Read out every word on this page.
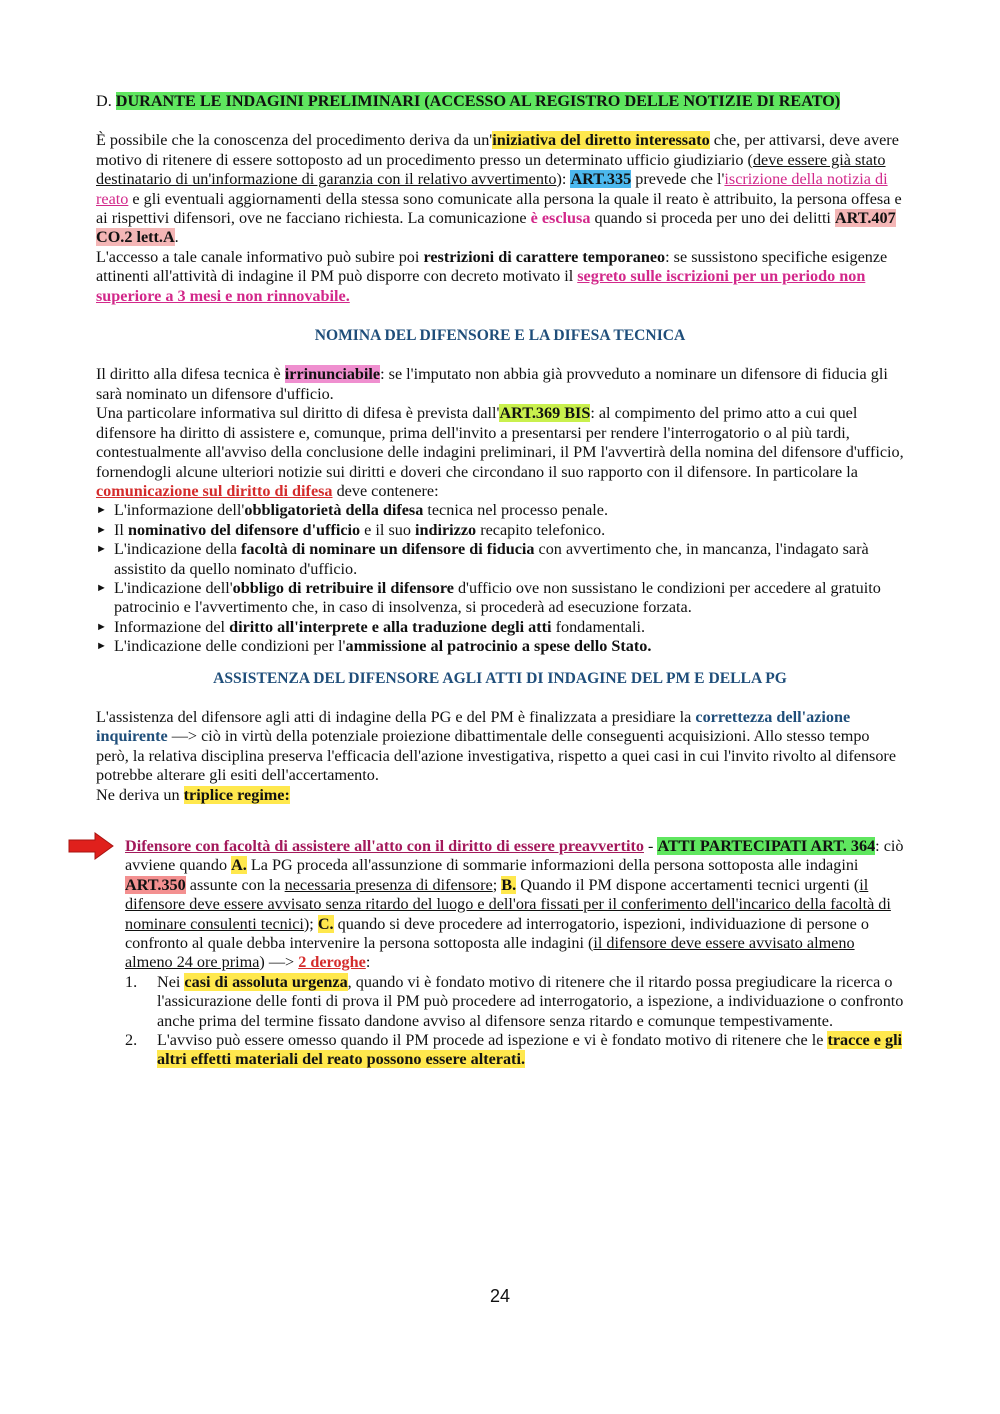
D. DURANTE LE INDAGINI PRELIMINARI (ACCESSO AL REGISTRO DELLE NOTIZIE DI REATO)

È possibile che la conoscenza del procedimento deriva da un'iniziativa del diretto interessato che, per attivarsi, deve avere motivo di ritenere di essere sottoposto ad un procedimento presso un determinato ufficio giudiziario (deve essere già stato destinatario di un'informazione di garanzia con il relativo avvertimento): ART.335 prevede che l'iscrizione della notizia di reato e gli eventuali aggiornamenti della stessa sono comunicate alla persona la quale il reato è attribuito, la persona offesa e ai rispettivi difensori, ove ne facciano richiesta. La comunicazione è esclusa quando si proceda per uno dei delitti ART.407 CO.2 lett.A.

L'accesso a tale canale informativo può subire poi restrizioni di carattere temporaneo: se sussistono specifiche esigenze attinenti all'attività di indagine il PM può disporre con decreto motivato il segreto sulle iscrizioni per un periodo non superiore a 3 mesi e non rinnovabile.

NOMINA DEL DIFENSORE E LA DIFESA TECNICA

Il diritto alla difesa tecnica è irrinunciabile: se l'imputato non abbia già provveduto a nominare un difensore di fiducia gli sarà nominato un difensore d'ufficio.

Una particolare informativa sul diritto di difesa è prevista dall'ART.369 BIS: al compimento del primo atto a cui quel difensore ha diritto di assistere e, comunque, prima dell'invito a presentarsi per rendere l'interrogatorio o al più tardi, contestualmente all'avviso della conclusione delle indagini preliminari, il PM l'avvertirà della nomina del difensore d'ufficio, fornendogli alcune ulteriori notizie sui diritti e doveri che circondano il suo rapporto con il difensore. In particolare la comunicazione sul diritto di difesa deve contenere:

► L'informazione dell'obbligatorietà della difesa tecnica nel processo penale.
► Il nominativo del difensore d'ufficio e il suo indirizzo recapito telefonico.
► L'indicazione della facoltà di nominare un difensore di fiducia con avvertimento che, in mancanza, l'indagato sarà assistito da quello nominato d'ufficio.
► L'indicazione dell'obbligo di retribuire il difensore d'ufficio ove non sussistano le condizioni per accedere al gratuito patrocinio e l'avvertimento che, in caso di insolvenza, si procederà ad esecuzione forzata.
► Informazione del diritto all'interprete e alla traduzione degli atti fondamentali.
► L'indicazione delle condizioni per l'ammissione al patrocinio a spese dello Stato.

ASSISTENZA DEL DIFENSORE AGLI ATTI DI INDAGINE DEL PM E DELLA PG

L'assistenza del difensore agli atti di indagine della PG e del PM è finalizzata a presidiare la correttezza dell'azione inquirente —> ciò in virtù della potenziale proiezione dibattimentale delle conseguenti acquisizioni. Allo stesso tempo però, la relativa disciplina preserva l'efficacia dell'azione investigativa, rispetto a quei casi in cui l'invito rivolto al difensore potrebbe alterare gli esiti dell'accertamento.

Ne deriva un triplice regime:

Difensore con facoltà di assistere all'atto con il diritto di essere preavvertito - ATTI PARTECIPATI ART. 364: ciò avviene quando A. La PG proceda all'assunzione di sommarie informazioni della persona sottoposta alle indagini ART.350 assunte con la necessaria presenza di difensore; B. Quando il PM dispone accertamenti tecnici urgenti (il difensore deve essere avvisato senza ritardo del luogo e dell'ora fissati per il conferimento dell'incarico della facoltà di nominare consulenti tecnici); C. quando si deve procedere ad interrogatorio, ispezioni, individuazione di persone o confronto al quale debba intervenire la persona sottoposta alle indagini (il difensore deve essere avvisato almeno almeno 24 ore prima) —> 2 deroghe:

1. Nei casi di assoluta urgenza, quando vi è fondato motivo di ritenere che il ritardo possa pregiudicare la ricerca o l'assicurazione delle fonti di prova il PM può procedere ad interrogatorio, a ispezione, a individuazione o confronto anche prima del termine fissato dandone avviso al difensore senza ritardo e comunque tempestivamente.
2. L'avviso può essere omesso quando il PM procede ad ispezione e vi è fondato motivo di ritenere che le tracce e gli altri effetti materiali del reato possono essere alterati.
24
